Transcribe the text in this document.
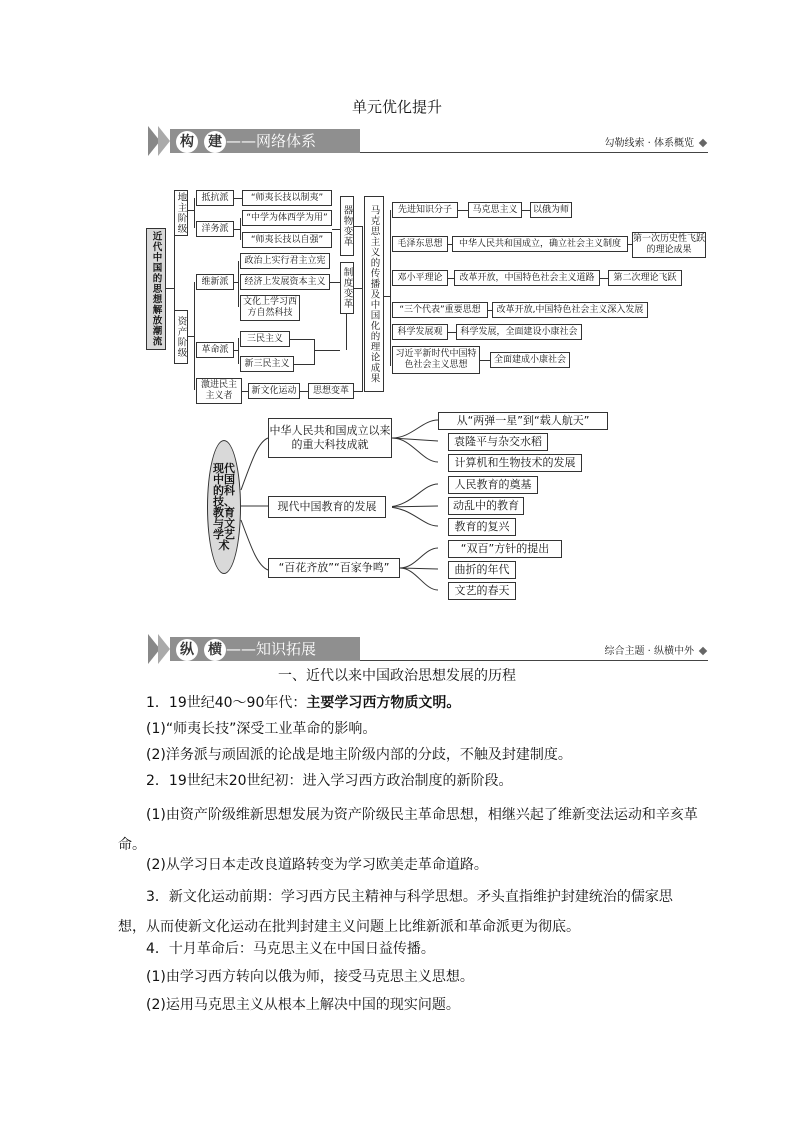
单元优化提升
构 建 ——网络体系	勾勒线索 · 体系概览
近代中国的思想解放潮流
地主阶级
资产阶级
抵抗派
洋务派
“师夷长技以制夷”
“中学为体西学为用”
“师夷长技以自强”
维新派
革命派
激进民主主义者
政治上实行君主立宪
经济上发展资本主义
文化上学习西方自然科技
三民主义
新三民主义
新文化运动	思想变革
器物变革
制度变革	马克思主义的传播及中国化的理论成果	先进知识分子	马克思主义	以俄为师
毛泽东思想	中华人民共和国成立，确立社会主义制度	第一次历史性飞跃的理论成果
邓小平理论	改革开放，中国特色社会主义道路	第二次理论飞跃
“三个代表”重要思想	改革开放,中国特色社会主义深入发展
科学发展观	科学发展，全面建设小康社会
习近平新时代中国特色社会主义思想
全面建成小康社会
现代中国的科技、教育与文学艺术
中华人民共和国成立以来的重大科技成就
现代中国教育的发展
“百花齐放”“百家争鸣”
从“两弹一星”到“载人航天”
袁隆平与杂交水稻
计算机和生物技术的发展
人民教育的奠基
动乱中的教育
教育的复兴
“双百”方针的提出
曲折的年代
文艺的春天
纵 横 ——知识拓展	综合主题 · 纵横中外
一、近代以来中国政治思想发展的历程
1．19世纪40～90年代：主要学习西方物质文明。
(1)“师夷长技”深受工业革命的影响。
(2)洋务派与顽固派的论战是地主阶级内部的分歧，不触及封建制度。
2．19世纪末20世纪初：进入学习西方政治制度的新阶段。
(1)由资产阶级维新思想发展为资产阶级民主革命思想，相继兴起了维新变法运动和辛亥革命。
(2)从学习日本走改良道路转变为学习欧美走革命道路。
3．新文化运动前期：学习西方民主精神与科学思想。矛头直指维护封建统治的儒家思想，从而使新文化运动在批判封建主义问题上比维新派和革命派更为彻底。
4．十月革命后：马克思主义在中国日益传播。
(1)由学习西方转向以俄为师，接受马克思主义思想。
(2)运用马克思主义从根本上解决中国的现实问题。
